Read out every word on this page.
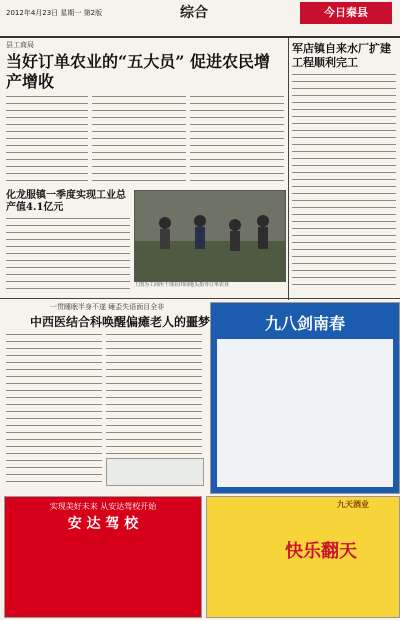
2012年4月23日 星期一 第2版	综合	今日秦县
县工商局
当好订单农业的“五大员” 促进农民增产增收
上图为工商所干部在田间地头指导订单农业
军店镇自来水厂扩建工程顺利完工
化龙服镇一季度实现工业总产值4.1亿元
一贯睡眠半身不遂 瘫歪失语面目全非
中西医结合科唤醒偏瘫老人的噩梦	九八剑南春
实现美好未来 从安达驾校开始
安 达 驾 校
九天酒业
快乐翻天
